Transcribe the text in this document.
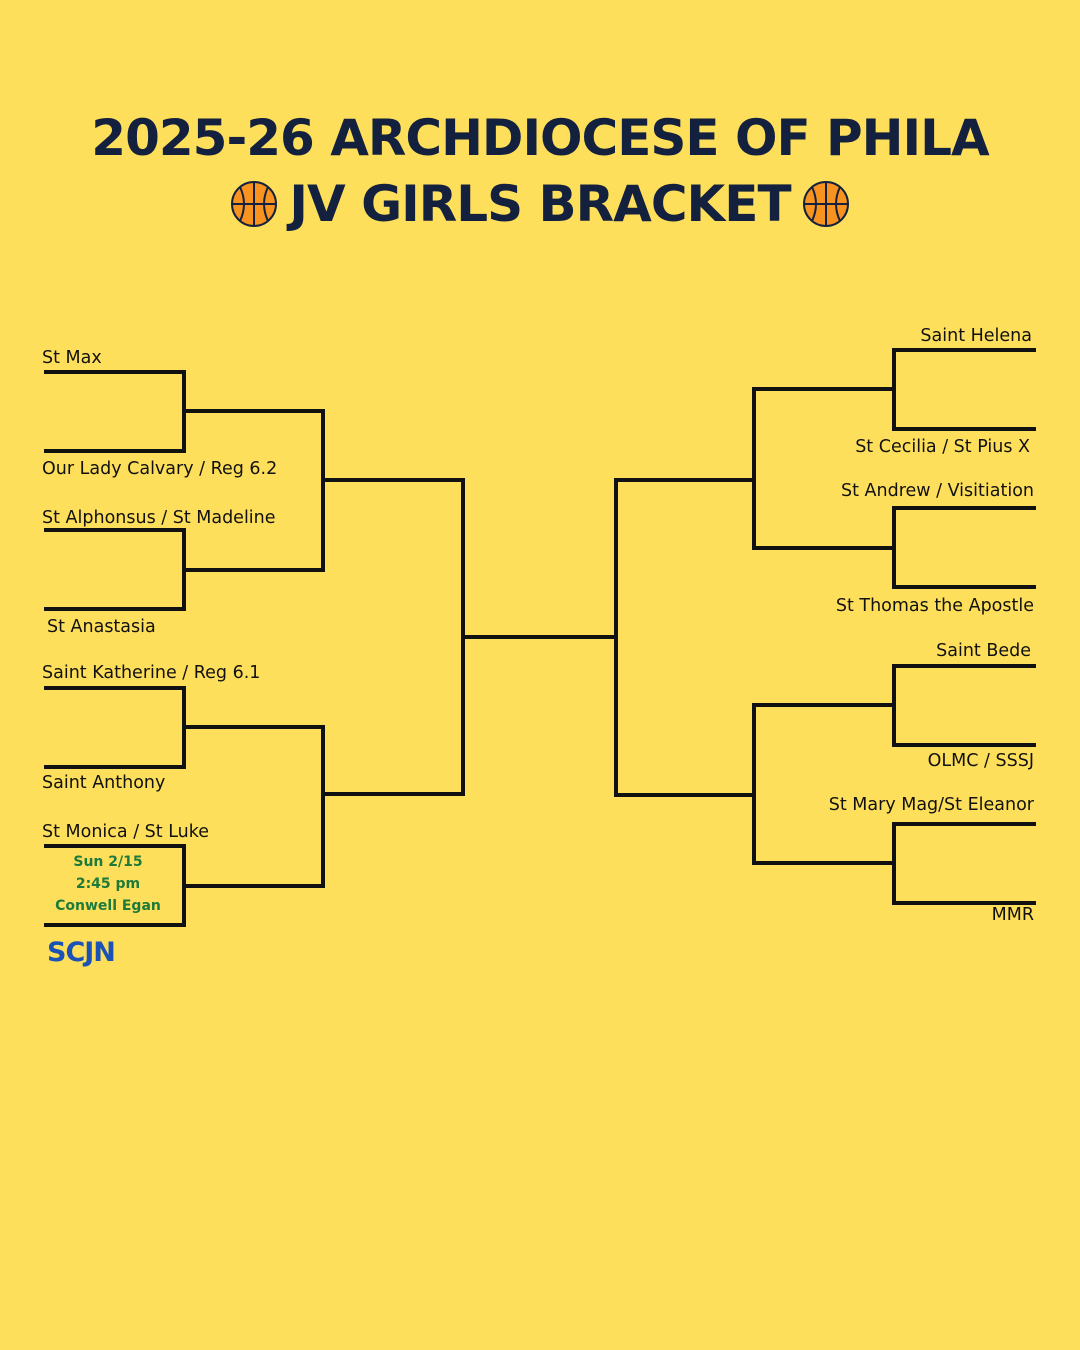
2025-26 ARCHDIOCESE OF PHILA
JV GIRLS BRACKET
St Max
Our Lady Calvary / Reg 6.2
St Alphonsus / St Madeline
St Anastasia
Saint Katherine / Reg 6.1
Saint Anthony
St Monica / St Luke
Saint Helena
St Cecilia / St Pius X
St Andrew / Visitiation
St Thomas the Apostle
Saint Bede
OLMC / SSSJ
St Mary Mag/St Eleanor
MMR
Sun 2/15
2:45 pm
Conwell Egan
SCJN
